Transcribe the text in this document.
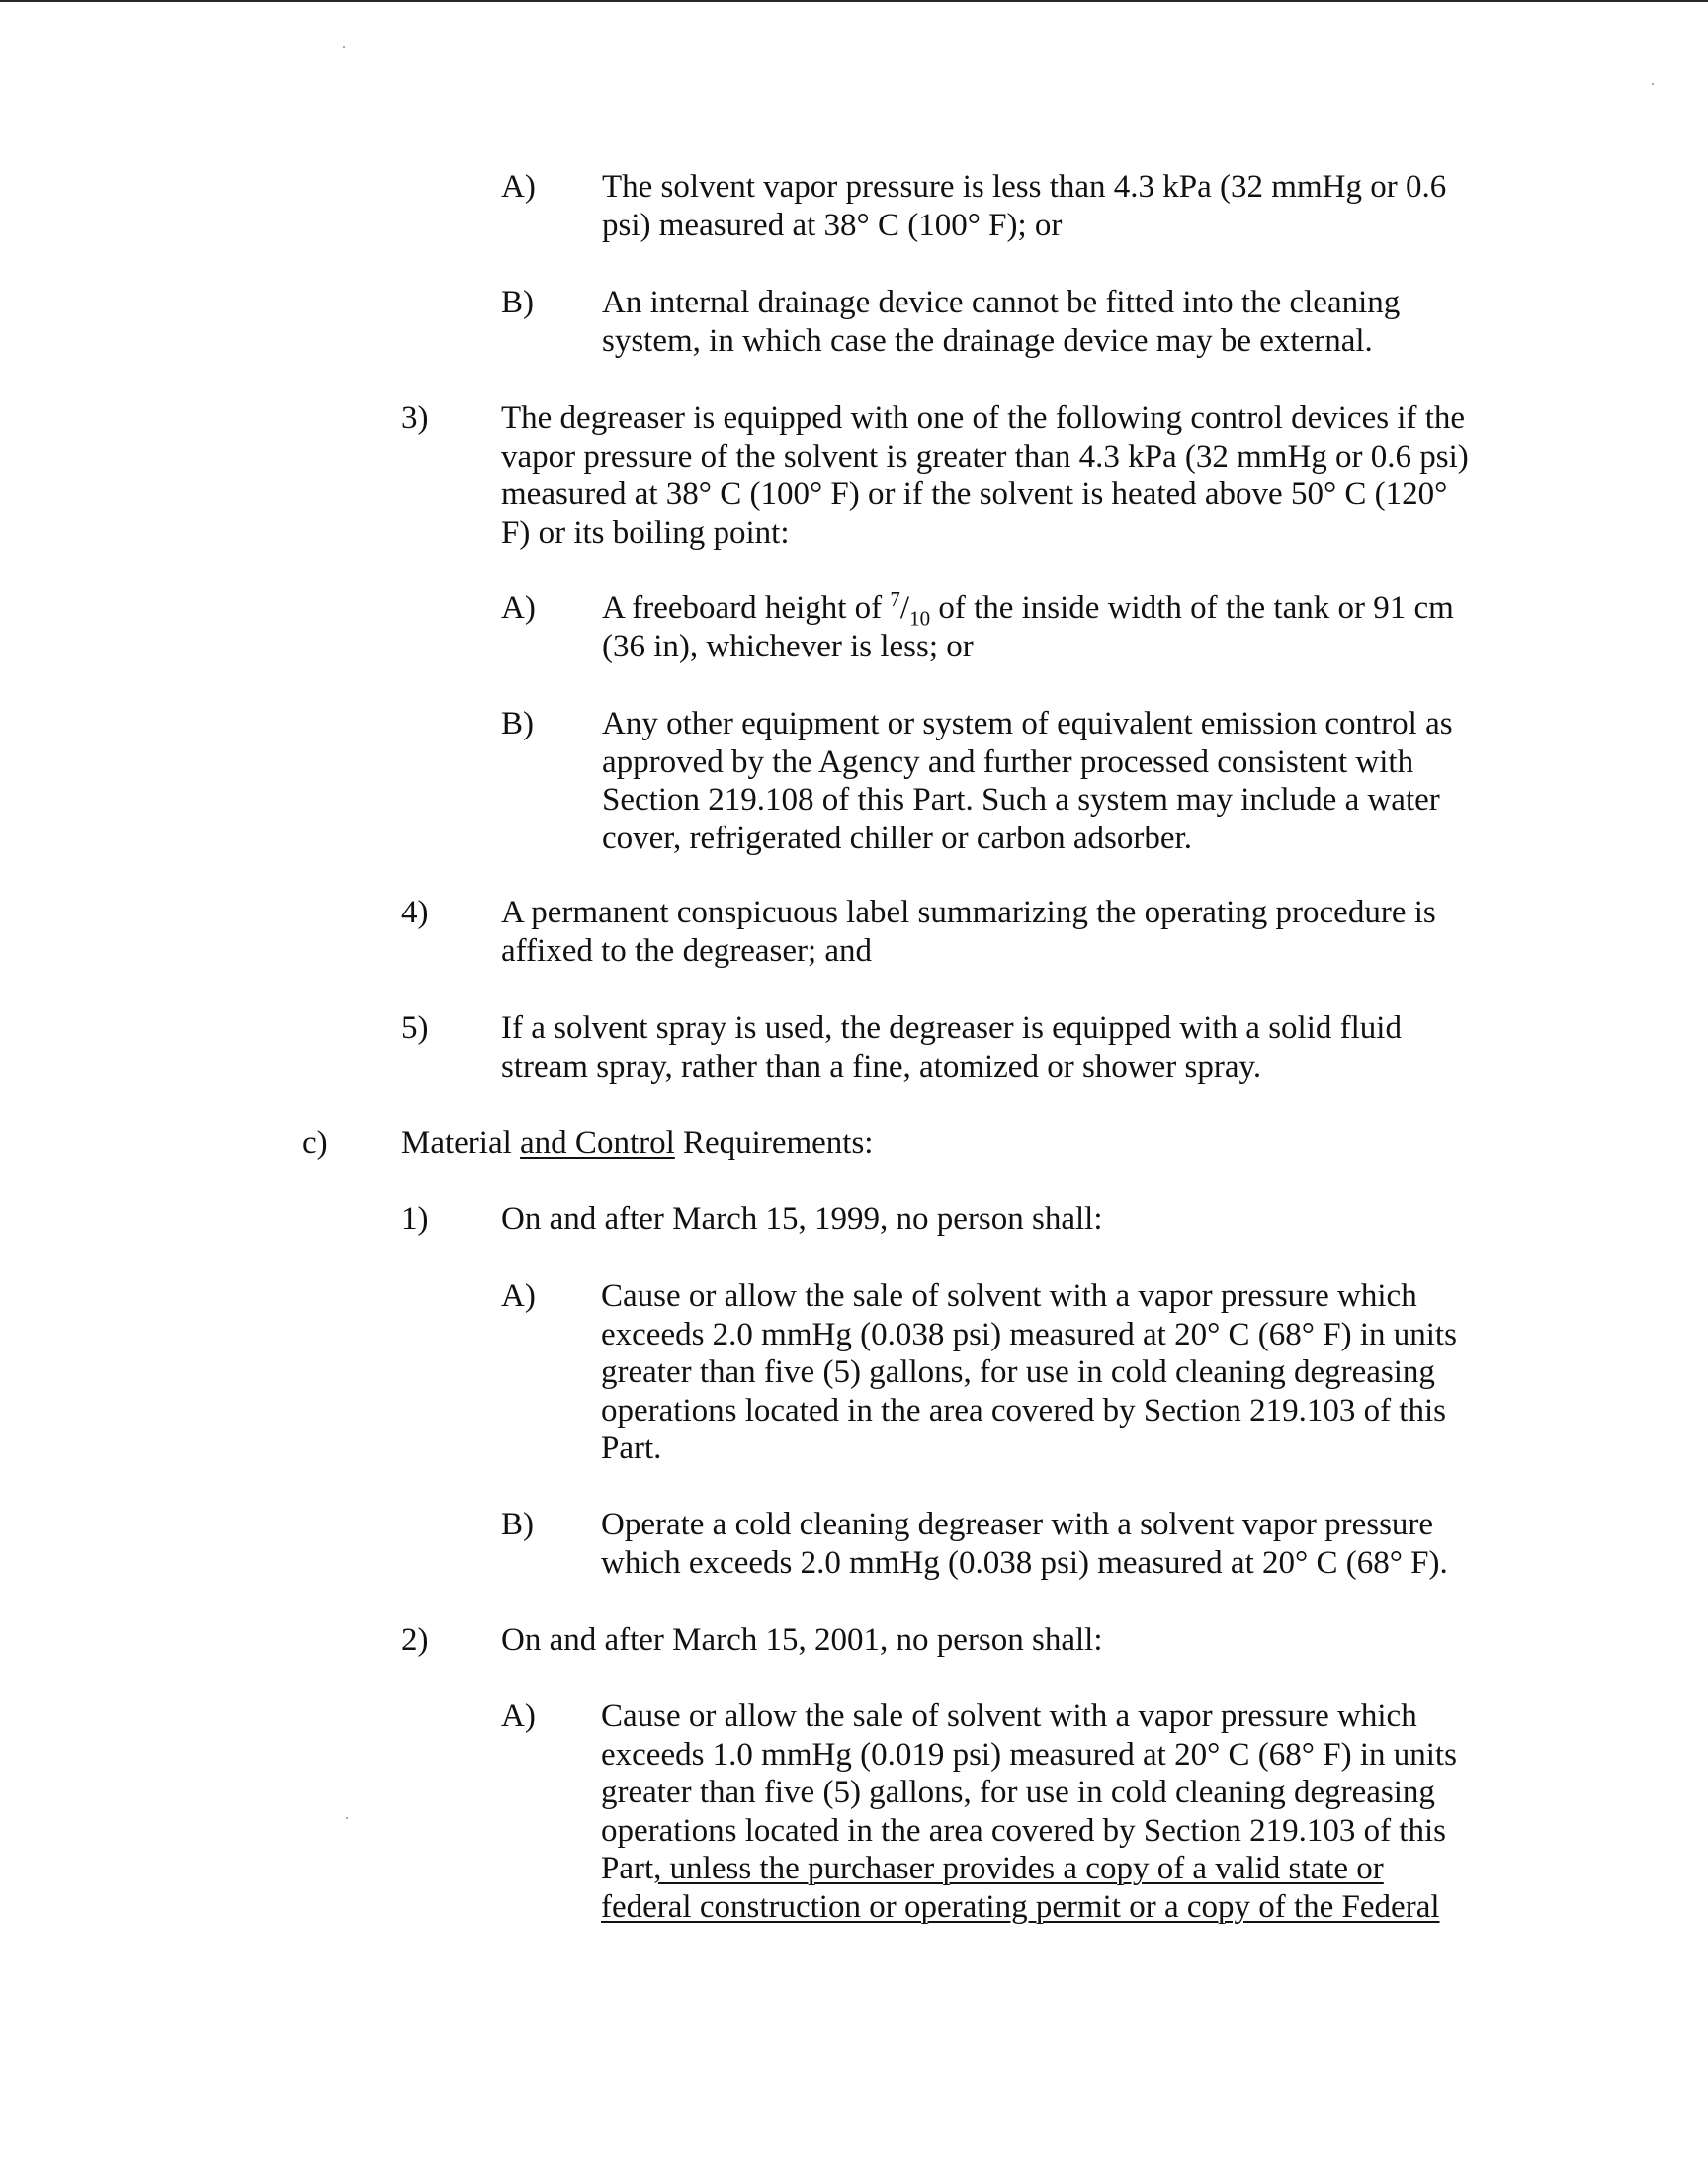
A) The solvent vapor pressure is less than 4.3 kPa (32 mmHg or 0.6
psi) measured at 38° C (100° F); or
B) An internal drainage device cannot be fitted into the cleaning
system, in which case the drainage device may be external.
3) The degreaser is equipped with one of the following control devices if the
vapor pressure of the solvent is greater than 4.3 kPa (32 mmHg or 0.6 psi)
measured at 38° C (100° F) or if the solvent is heated above 50° C (120°
F) or its boiling point:
A) A freeboard height of $^7/_{10}$ of the inside width of the tank or 91 cm
(36 in), whichever is less; or
B) Any other equipment or system of equivalent emission control as
approved by the Agency and further processed consistent with
Section 219.108 of this Part. Such a system may include a water
cover, refrigerated chiller or carbon adsorber.
4) A permanent conspicuous label summarizing the operating procedure is
affixed to the degreaser; and
5) If a solvent spray is used, the degreaser is equipped with a solid fluid
stream spray, rather than a fine, atomized or shower spray.
c) Material and Control Requirements:
1) On and after March 15, 1999, no person shall:
A) Cause or allow the sale of solvent with a vapor pressure which
exceeds 2.0 mmHg (0.038 psi) measured at 20° C (68° F) in units
greater than five (5) gallons, for use in cold cleaning degreasing
operations located in the area covered by Section 219.103 of this
Part.
B) Operate a cold cleaning degreaser with a solvent vapor pressure
which exceeds 2.0 mmHg (0.038 psi) measured at 20° C (68° F).
2) On and after March 15, 2001, no person shall:
A) Cause or allow the sale of solvent with a vapor pressure which
exceeds 1.0 mmHg (0.019 psi) measured at 20° C (68° F) in units
greater than five (5) gallons, for use in cold cleaning degreasing
operations located in the area covered by Section 219.103 of this
Part, unless the purchaser provides a copy of a valid state or
federal construction or operating permit or a copy of the Federal
